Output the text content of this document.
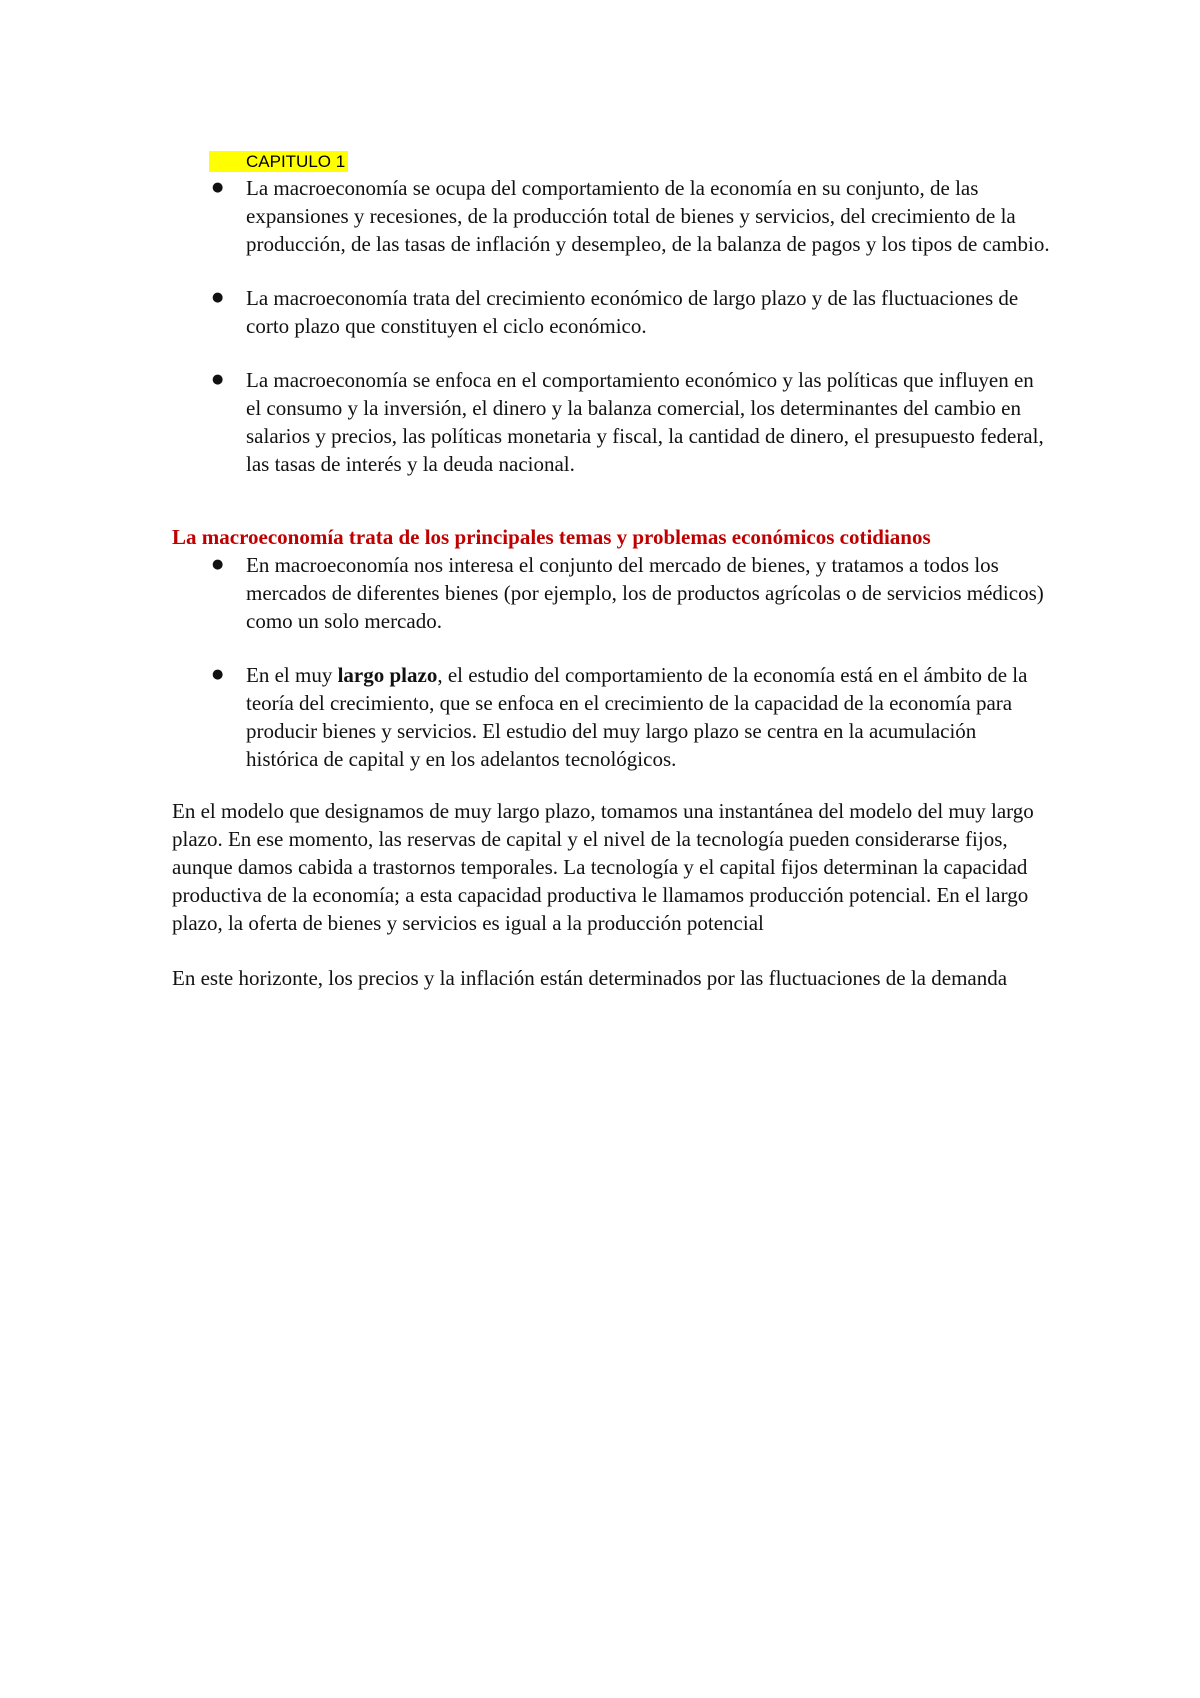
CAPITULO 1
● La macroeconomía se ocupa del comportamiento de la economía en su conjunto, de las expansiones y recesiones, de la producción total de bienes y servicios, del crecimiento de la producción, de las tasas de inflación y desempleo, de la balanza de pagos y los tipos de cambio.
● La macroeconomía trata del crecimiento económico de largo plazo y de las fluctuaciones de corto plazo que constituyen el ciclo económico.
● La macroeconomía se enfoca en el comportamiento económico y las políticas que influyen en el consumo y la inversión, el dinero y la balanza comercial, los determinantes del cambio en salarios y precios, las políticas monetaria y fiscal, la cantidad de dinero, el presupuesto federal, las tasas de interés y la deuda nacional.
La macroeconomía trata de los principales temas y problemas económicos cotidianos
● En macroeconomía nos interesa el conjunto del mercado de bienes, y tratamos a todos los mercados de diferentes bienes (por ejemplo, los de productos agrícolas o de servicios médicos) como un solo mercado.
● En el muy largo plazo, el estudio del comportamiento de la economía está en el ámbito de la teoría del crecimiento, que se enfoca en el crecimiento de la capacidad de la economía para producir bienes y servicios. El estudio del muy largo plazo se centra en la acumulación histórica de capital y en los adelantos tecnológicos.

En el modelo que designamos de muy largo plazo, tomamos una instantánea del modelo del muy largo plazo. En ese momento, las reservas de capital y el nivel de la tecnología pueden considerarse fijos, aunque damos cabida a trastornos temporales. La tecnología y el capital fijos determinan la capacidad productiva de la economía; a esta capacidad productiva le llamamos producción potencial. En el largo plazo, la oferta de bienes y servicios es igual a la producción potencial

En este horizonte, los precios y la inflación están determinados por las fluctuaciones de la demanda
